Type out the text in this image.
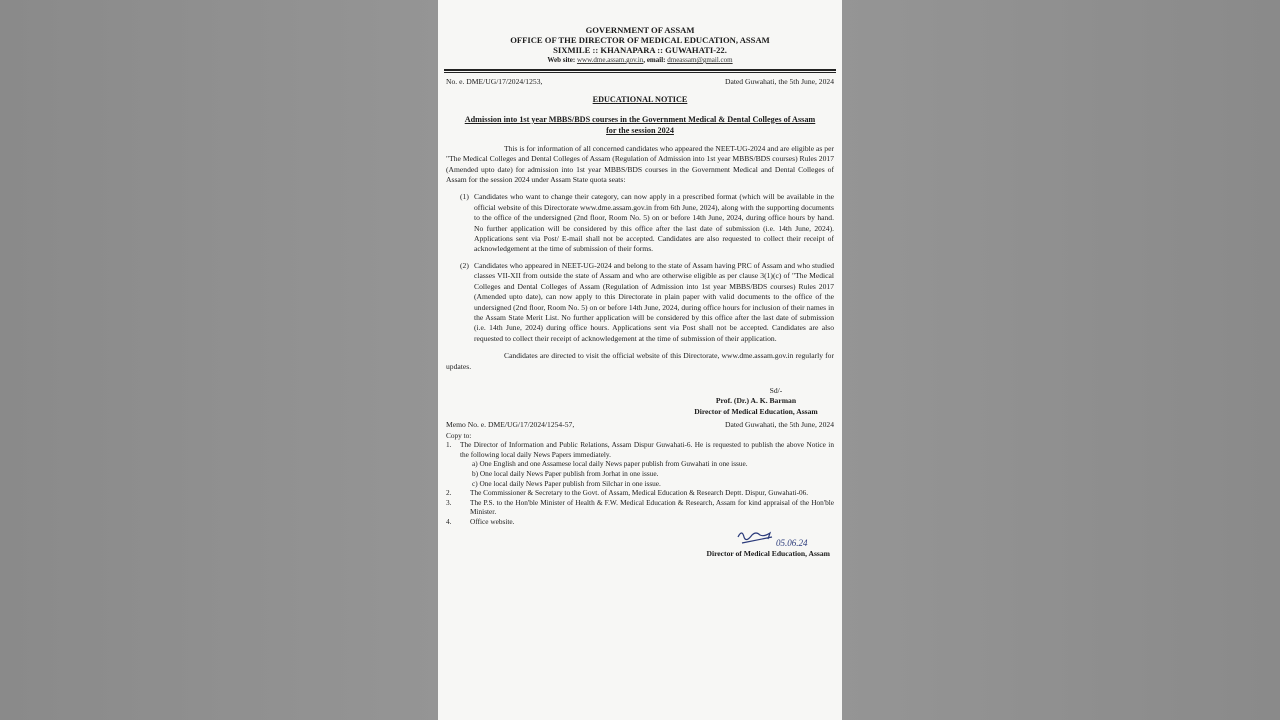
GOVERNMENT OF ASSAM
OFFICE OF THE DIRECTOR OF MEDICAL EDUCATION, ASSAM
SIXMILE :: KHANAPARA :: GUWAHATI-22.
Web site: www.dme.assam.gov.in, email: dmeassam@gmail.com
No. e. DME/UG/17/2024/1253,	Dated Guwahati, the 5th June, 2024
EDUCATIONAL NOTICE
Admission into 1st year MBBS/BDS courses in the Government Medical & Dental Colleges of Assam for the session 2024
This is for information of all concerned candidates who appeared the NEET-UG-2024 and are eligible as per "The Medical Colleges and Dental Colleges of Assam (Regulation of Admission into 1st year MBBS/BDS courses) Rules 2017 (Amended upto date) for admission into 1st year MBBS/BDS courses in the Government Medical and Dental Colleges of Assam for the session 2024 under Assam State quota seats:
(1) Candidates who want to change their category, can now apply in a prescribed format (which will be available in the official website of this Directorate www.dme.assam.gov.in from 6th June, 2024), along with the supporting documents to the office of the undersigned (2nd floor, Room No. 5) on or before 14th June, 2024, during office hours by hand. No further application will be considered by this office after the last date of submission (i.e. 14th June, 2024). Applications sent via Post/ E-mail shall not be accepted. Candidates are also requested to collect their receipt of acknowledgement at the time of submission of their forms.
(2) Candidates who appeared in NEET-UG-2024 and belong to the state of Assam having PRC of Assam and who studied classes VII-XII from outside the state of Assam and who are otherwise eligible as per clause 3(1)(c) of "The Medical Colleges and Dental Colleges of Assam (Regulation of Admission into 1st year MBBS/BDS courses) Rules 2017 (Amended upto date), can now apply to this Directorate in plain paper with valid documents to the office of the undersigned (2nd floor, Room No. 5) on or before 14th June, 2024, during office hours for inclusion of their names in the Assam State Merit List. No further application will be considered by this office after the last date of submission (i.e. 14th June, 2024) during office hours. Applications sent via Post shall not be accepted. Candidates are also requested to collect their receipt of acknowledgement at the time of submission of their application.
Candidates are directed to visit the official website of this Directorate, www.dme.assam.gov.in regularly for updates.
Sd/-
Prof. (Dr.) A. K. Barman
Director of Medical Education, Assam
Memo No. e. DME/UG/17/2024/1254-57,	Dated Guwahati, the 5th June, 2024
Copy to:
1.	The Director of Information and Public Relations, Assam Dispur Guwahati-6. He is requested to publish the above Notice in the following local daily News Papers immediately.
a) One English and one Assamese local daily News paper publish from Guwahati in one issue.
b) One local daily News Paper publish from Jorhat in one issue.
c) One local daily News Paper publish from Silchar in one issue.
2.	The Commissioner & Secretary to the Govt. of Assam, Medical Education & Research Deptt. Dispur, Guwahati-06.
3.	The P.S. to the Hon'ble Minister of Health & F.W. Medical Education & Research, Assam for kind appraisal of the Hon'ble Minister.
4.	Office website.
05.06.24
Director of Medical Education, Assam
